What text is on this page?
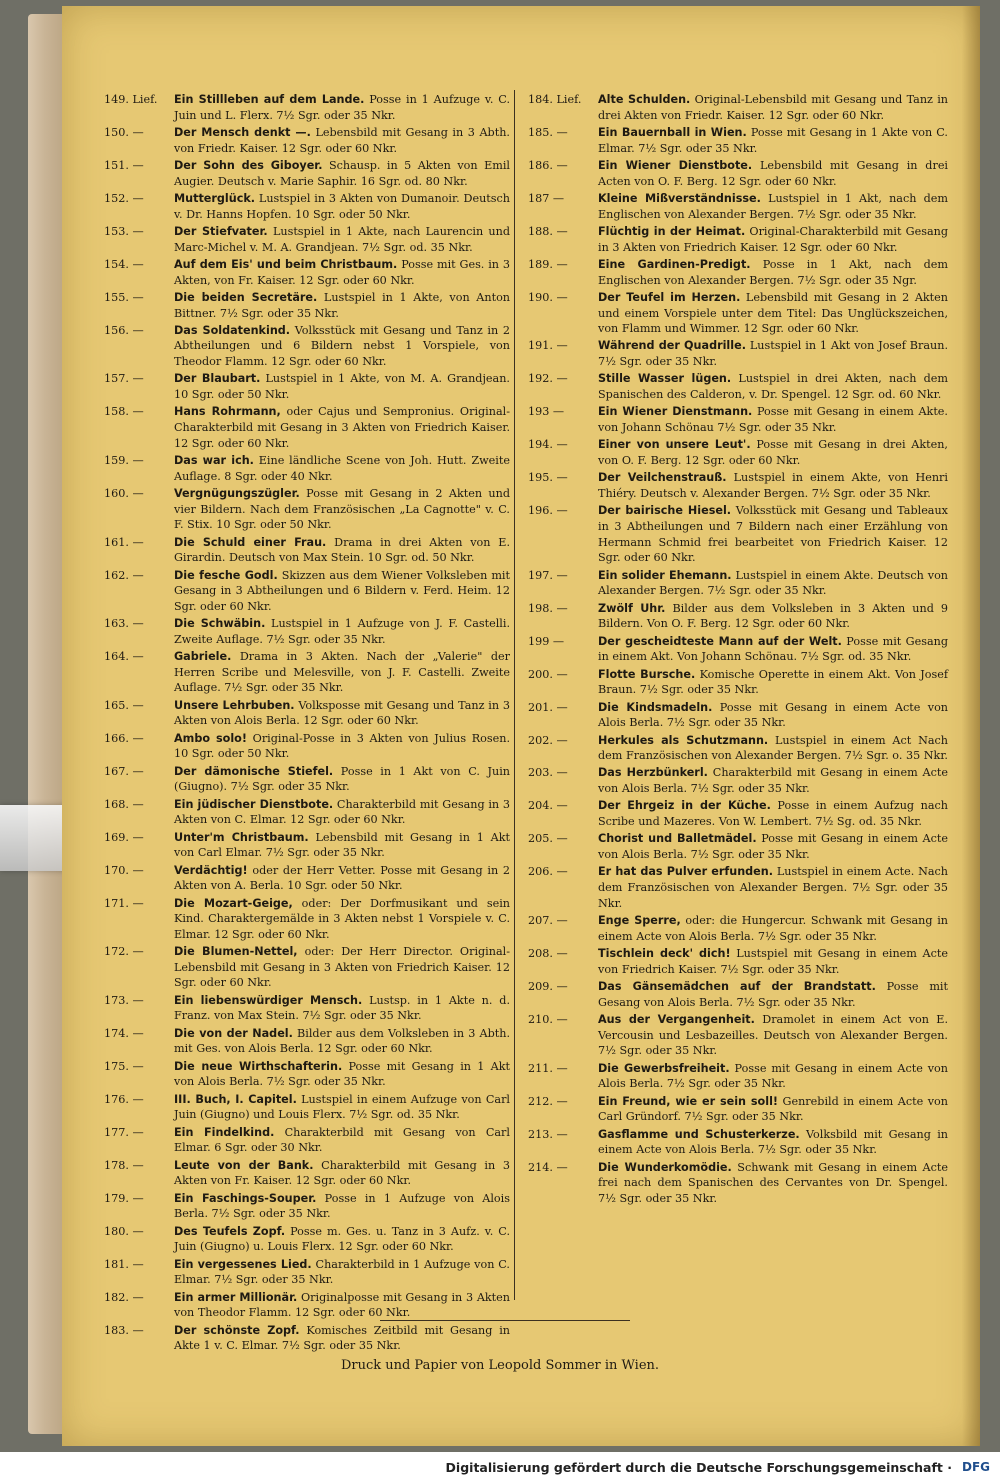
149. Lief.	Ein Stillleben auf dem Lande. Posse in 1 Aufzuge v. C. Juin und L. Flerx. 7½ Sgr. oder 35 Nkr.
150. —	Der Mensch denkt —. Lebensbild mit Gesang in 3 Abth. von Friedr. Kaiser. 12 Sgr. oder 60 Nkr.
151. —	Der Sohn des Giboyer. Schausp. in 5 Akten von Emil Augier. Deutsch v. Marie Saphir. 16 Sgr. od. 80 Nkr.
152. —	Mutterglück. Lustspiel in 3 Akten von Dumanoir. Deutsch v. Dr. Hanns Hopfen. 10 Sgr. oder 50 Nkr.
153. —	Der Stiefvater. Lustspiel in 1 Akte, nach Laurencin und Marc-Michel v. M. A. Grandjean. 7½ Sgr. od. 35 Nkr.
154. —	Auf dem Eis' und beim Christbaum. Posse mit Ges. in 3 Akten, von Fr. Kaiser. 12 Sgr. oder 60 Nkr.
155. —	Die beiden Secretäre. Lustspiel in 1 Akte, von Anton Bittner. 7½ Sgr. oder 35 Nkr.
156. —	Das Soldatenkind. Volksstück mit Gesang und Tanz in 2 Abtheilungen und 6 Bildern nebst 1 Vorspiele, von Theodor Flamm. 12 Sgr. oder 60 Nkr.
157. —	Der Blaubart. Lustspiel in 1 Akte, von M. A. Grandjean. 10 Sgr. oder 50 Nkr.
158. —	Hans Rohrmann, oder Cajus und Sempronius. Original-Charakterbild mit Gesang in 3 Akten von Friedrich Kaiser. 12 Sgr. oder 60 Nkr.
159. —	Das war ich. Eine ländliche Scene von Joh. Hutt. Zweite Auflage. 8 Sgr. oder 40 Nkr.
160. —	Vergnügungszügler. Posse mit Gesang in 2 Akten und vier Bildern. Nach dem Französischen „La Cagnotte" v. C. F. Stix. 10 Sgr. oder 50 Nkr.
161. —	Die Schuld einer Frau. Drama in drei Akten von E. Girardin. Deutsch von Max Stein. 10 Sgr. od. 50 Nkr.
162. —	Die fesche Godl. Skizzen aus dem Wiener Volksleben mit Gesang in 3 Abtheilungen und 6 Bildern v. Ferd. Heim. 12 Sgr. oder 60 Nkr.
163. —	Die Schwäbin. Lustspiel in 1 Aufzuge von J. F. Castelli. Zweite Auflage. 7½ Sgr. oder 35 Nkr.
164. —	Gabriele. Drama in 3 Akten. Nach der „Valerie" der Herren Scribe und Melesville, von J. F. Castelli. Zweite Auflage. 7½ Sgr. oder 35 Nkr.
165. —	Unsere Lehrbuben. Volksposse mit Gesang und Tanz in 3 Akten von Alois Berla. 12 Sgr. oder 60 Nkr.
166. —	Ambo solo! Original-Posse in 3 Akten von Julius Rosen. 10 Sgr. oder 50 Nkr.
167. —	Der dämonische Stiefel. Posse in 1 Akt von C. Juin (Giugno). 7½ Sgr. oder 35 Nkr.
168. —	Ein jüdischer Dienstbote. Charakterbild mit Gesang in 3 Akten von C. Elmar. 12 Sgr. oder 60 Nkr.
169. —	Unter'm Christbaum. Lebensbild mit Gesang in 1 Akt von Carl Elmar. 7½ Sgr. oder 35 Nkr.
170. —	Verdächtig! oder der Herr Vetter. Posse mit Gesang in 2 Akten von A. Berla. 10 Sgr. oder 50 Nkr.
171. —	Die Mozart-Geige, oder: Der Dorfmusikant und sein Kind. Charaktergemälde in 3 Akten nebst 1 Vorspiele v. C. Elmar. 12 Sgr. oder 60 Nkr.
172. —	Die Blumen-Nettel, oder: Der Herr Director. Original-Lebensbild mit Gesang in 3 Akten von Friedrich Kaiser. 12 Sgr. oder 60 Nkr.
173. —	Ein liebenswürdiger Mensch. Lustsp. in 1 Akte n. d. Franz. von Max Stein. 7½ Sgr. oder 35 Nkr.
174. —	Die von der Nadel. Bilder aus dem Volksleben in 3 Abth. mit Ges. von Alois Berla. 12 Sgr. oder 60 Nkr.
175. —	Die neue Wirthschafterin. Posse mit Gesang in 1 Akt von Alois Berla. 7½ Sgr. oder 35 Nkr.
176. —	III. Buch, I. Capitel. Lustspiel in einem Aufzuge von Carl Juin (Giugno) und Louis Flerx. 7½ Sgr. od. 35 Nkr.
177. —	Ein Findelkind. Charakterbild mit Gesang von Carl Elmar. 6 Sgr. oder 30 Nkr.
178. —	Leute von der Bank. Charakterbild mit Gesang in 3 Akten von Fr. Kaiser. 12 Sgr. oder 60 Nkr.
179. —	Ein Faschings-Souper. Posse in 1 Aufzuge von Alois Berla. 7½ Sgr. oder 35 Nkr.
180. —	Des Teufels Zopf. Posse m. Ges. u. Tanz in 3 Aufz. v. C. Juin (Giugno) u. Louis Flerx. 12 Sgr. oder 60 Nkr.
181. —	Ein vergessenes Lied. Charakterbild in 1 Aufzuge von C. Elmar. 7½ Sgr. oder 35 Nkr.
182. —	Ein armer Millionär. Originalposse mit Gesang in 3 Akten von Theodor Flamm. 12 Sgr. oder 60 Nkr.
183. —	Der schönste Zopf. Komisches Zeitbild mit Gesang in Akte 1 v. C. Elmar. 7½ Sgr. oder 35 Nkr.
184. Lief.	Alte Schulden. Original-Lebensbild mit Gesang und Tanz in drei Akten von Friedr. Kaiser. 12 Sgr. oder 60 Nkr.
185. —	Ein Bauernball in Wien. Posse mit Gesang in 1 Akte von C. Elmar. 7½ Sgr. oder 35 Nkr.
186. —	Ein Wiener Dienstbote. Lebensbild mit Gesang in drei Acten von O. F. Berg. 12 Sgr. oder 60 Nkr.
187 —	Kleine Mißverständnisse. Lustspiel in 1 Akt, nach dem Englischen von Alexander Bergen. 7½ Sgr. oder 35 Nkr.
188. —	Flüchtig in der Heimat. Original-Charakterbild mit Gesang in 3 Akten von Friedrich Kaiser. 12 Sgr. oder 60 Nkr.
189. —	Eine Gardinen-Predigt. Posse in 1 Akt, nach dem Englischen von Alexander Bergen. 7½ Sgr. oder 35 Ngr.
190. —	Der Teufel im Herzen. Lebensbild mit Gesang in 2 Akten und einem Vorspiele unter dem Titel: Das Unglückszeichen, von Flamm und Wimmer. 12 Sgr. oder 60 Nkr.
191. —	Während der Quadrille. Lustspiel in 1 Akt von Josef Braun. 7½ Sgr. oder 35 Nkr.
192. —	Stille Wasser lügen. Lustspiel in drei Akten, nach dem Spanischen des Calderon, v. Dr. Spengel. 12 Sgr. od. 60 Nkr.
193 —	Ein Wiener Dienstmann. Posse mit Gesang in einem Akte. von Johann Schönau 7½ Sgr. oder 35 Nkr.
194. —	Einer von unsere Leut'. Posse mit Gesang in drei Akten, von O. F. Berg. 12 Sgr. oder 60 Nkr.
195. —	Der Veilchenstrauß. Lustspiel in einem Akte, von Henri Thiéry. Deutsch v. Alexander Bergen. 7½ Sgr. oder 35 Nkr.
196. —	Der bairische Hiesel. Volksstück mit Gesang und Tableaux in 3 Abtheilungen und 7 Bildern nach einer Erzählung von Hermann Schmid frei bearbeitet von Friedrich Kaiser. 12 Sgr. oder 60 Nkr.
197. —	Ein solider Ehemann. Lustspiel in einem Akte. Deutsch von Alexander Bergen. 7½ Sgr. oder 35 Nkr.
198. —	Zwölf Uhr. Bilder aus dem Volksleben in 3 Akten und 9 Bildern. Von O. F. Berg. 12 Sgr. oder 60 Nkr.
199 —	Der gescheidteste Mann auf der Welt. Posse mit Gesang in einem Akt. Von Johann Schönau. 7½ Sgr. od. 35 Nkr.
200. —	Flotte Bursche. Komische Operette in einem Akt. Von Josef Braun. 7½ Sgr. oder 35 Nkr.
201. —	Die Kindsmadeln. Posse mit Gesang in einem Acte von Alois Berla. 7½ Sgr. oder 35 Nkr.
202. —	Herkules als Schutzmann. Lustspiel in einem Act Nach dem Französischen von Alexander Bergen. 7½ Sgr. o. 35 Nkr.
203. —	Das Herzbünkerl. Charakterbild mit Gesang in einem Acte von Alois Berla. 7½ Sgr. oder 35 Nkr.
204. —	Der Ehrgeiz in der Küche. Posse in einem Aufzug nach Scribe und Mazeres. Von W. Lembert. 7½ Sg. od. 35 Nkr.
205. —	Chorist und Balletmädel. Posse mit Gesang in einem Acte von Alois Berla. 7½ Sgr. oder 35 Nkr.
206. —	Er hat das Pulver erfunden. Lustspiel in einem Acte. Nach dem Französischen von Alexander Bergen. 7½ Sgr. oder 35 Nkr.
207. —	Enge Sperre, oder: die Hungercur. Schwank mit Gesang in einem Acte von Alois Berla. 7½ Sgr. oder 35 Nkr.
208. —	Tischlein deck' dich! Lustspiel mit Gesang in einem Acte von Friedrich Kaiser. 7½ Sgr. oder 35 Nkr.
209. —	Das Gänsemädchen auf der Brandstatt. Posse mit Gesang von Alois Berla. 7½ Sgr. oder 35 Nkr.
210. —	Aus der Vergangenheit. Dramolet in einem Act von E. Vercousin und Lesbazeilles. Deutsch von Alexander Bergen. 7½ Sgr. oder 35 Nkr.
211. —	Die Gewerbsfreiheit. Posse mit Gesang in einem Acte von Alois Berla. 7½ Sgr. oder 35 Nkr.
212. —	Ein Freund, wie er sein soll! Genrebild in einem Acte von Carl Gründorf. 7½ Sgr. oder 35 Nkr.
213. —	Gasflamme und Schusterkerze. Volksbild mit Gesang in einem Acte von Alois Berla. 7½ Sgr. oder 35 Nkr.
214. —	Die Wunderkomödie. Schwank mit Gesang in einem Acte frei nach dem Spanischen des Cervantes von Dr. Spengel. 7½ Sgr. oder 35 Nkr.
Druck und Papier von Leopold Sommer in Wien.
Digitalisierung gefördert durch die Deutsche Forschungsgemeinschaft · DFG
